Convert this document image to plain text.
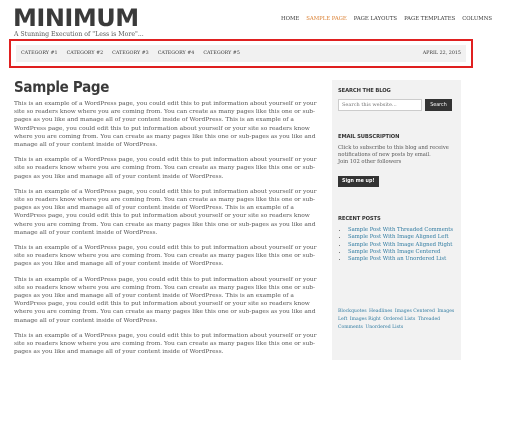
MINIMUM
A Stunning Execution of "Less is More"...
HOME SAMPLE PAGE PAGE LAYOUTS PAGE TEMPLATES COLUMNS
CATEGORY #1 CATEGORY #2 CATEGORY #3 CATEGORY #4 CATEGORY #5	APRIL 22, 2015
Sample Page

This is an example of a WordPress page, you could edit this to put information about yourself or your site so readers know where you are coming from. You can create as many pages like this one or sub-pages as you like and manage all of your content inside of WordPress. This is an example of a WordPress page, you could edit this to put information about yourself or your site so readers know where you are coming from. You can create as many pages like this one or sub-pages as you like and manage all of your content inside of WordPress.

This is an example of a WordPress page, you could edit this to put information about yourself or your site so readers know where you are coming from. You can create as many pages like this one or sub-pages as you like and manage all of your content inside of WordPress.

This is an example of a WordPress page, you could edit this to put information about yourself or your site so readers know where you are coming from. You can create as many pages like this one or sub-pages as you like and manage all of your content inside of WordPress. This is an example of a WordPress page, you could edit this to put information about yourself or your site so readers know where you are coming from. You can create as many pages like this one or sub-pages as you like and manage all of your content inside of WordPress.

This is an example of a WordPress page, you could edit this to put information about yourself or your site so readers know where you are coming from. You can create as many pages like this one or sub-pages as you like and manage all of your content inside of WordPress.

This is an example of a WordPress page, you could edit this to put information about yourself or your site so readers know where you are coming from. You can create as many pages like this one or sub-pages as you like and manage all of your content inside of WordPress. This is an example of a WordPress page, you could edit this to put information about yourself or your site so readers know where you are coming from. You can create as many pages like this one or sub-pages as you like and manage all of your content inside of WordPress.

This is an example of a WordPress page, you could edit this to put information about yourself or your site so readers know where you are coming from. You can create as many pages like this one or sub-pages as you like and manage all of your content inside of WordPress.

SEARCH THE BLOG
Search this website...
Search
EMAIL SUBSCRIPTION
Click to subscribe to this blog and receive notifications of new posts by email.
Join 102 other followers
Sign me up!
RECENT POSTS
• Sample Post With Threaded Comments
• Sample Post With Image Aligned Left
• Sample Post With Image Aligned Right
• Sample Post With Image Centered
• Sample Post With an Unordered List
Blockquotes Headlines Images Centered Images Left Images Right Ordered Lists Threaded Comments Unordered Lists
